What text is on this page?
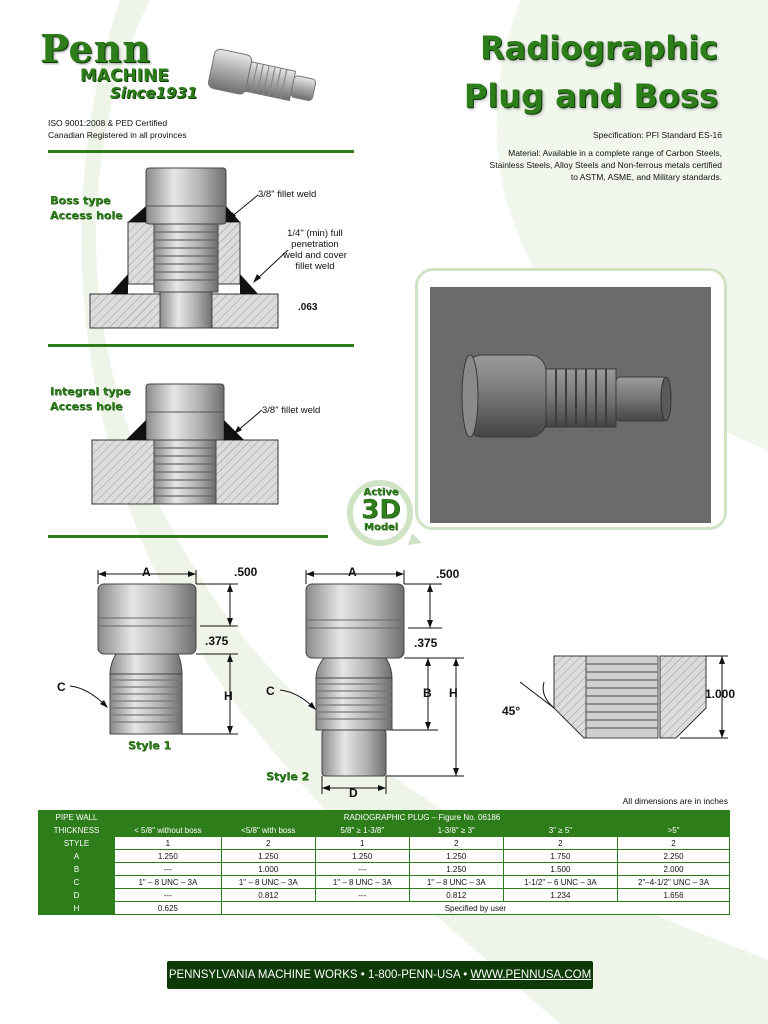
Penn
MACHINE
Since1931
ISO 9001:2008 & PED Certified
Canadian Registered in all provinces
Radiographic
Plug and Boss
Specification: PFI Standard ES-16
Material: Available in a complete range of Carbon Steels,
Stainless Steels, Alloy Steels and Non-ferrous metals certified
to ASTM, ASME, and Military standards.
Boss type
Access hole
3/8" fillet weld
1/4" (min) full
penetration
weld and cover
fillet weld
.063
Integral type
Access hole	3/8" fillet weld
Active
3D
Model
A	.500
.375
C
H
Style 1
A	.500
.375
C	B H
D
Style 2
45°
1.000
All dimensions are in inches
PIPE WALL	RADIOGRAPHIC PLUG – Figure No. 06186					
THICKNESS	< 5/8" without boss	<5/8" with boss	5/8" ≥ 1-3/8"	1-3/8" ≥ 3"	3" ≥ 5"	>5"
STYLE	1	2	1	2	2	2
A	1.250	1.250	1.250	1.250	1.750	2.250
B	---	1.000	---	1.250	1.500	2.000
C	1" – 8 UNC – 3A	1" – 8 UNC – 3A	1" – 8 UNC – 3A	1" – 8 UNC – 3A	1-1/2" – 6 UNC – 3A	2"–4-1/2" UNC – 3A
D	---	0.812	---	0.812	1.234	1.656
H	0.625	Specified by user				
PENNSYLVANIA MACHINE WORKS • 1-800-PENN-USA • WWW.PENNUSA.COM
